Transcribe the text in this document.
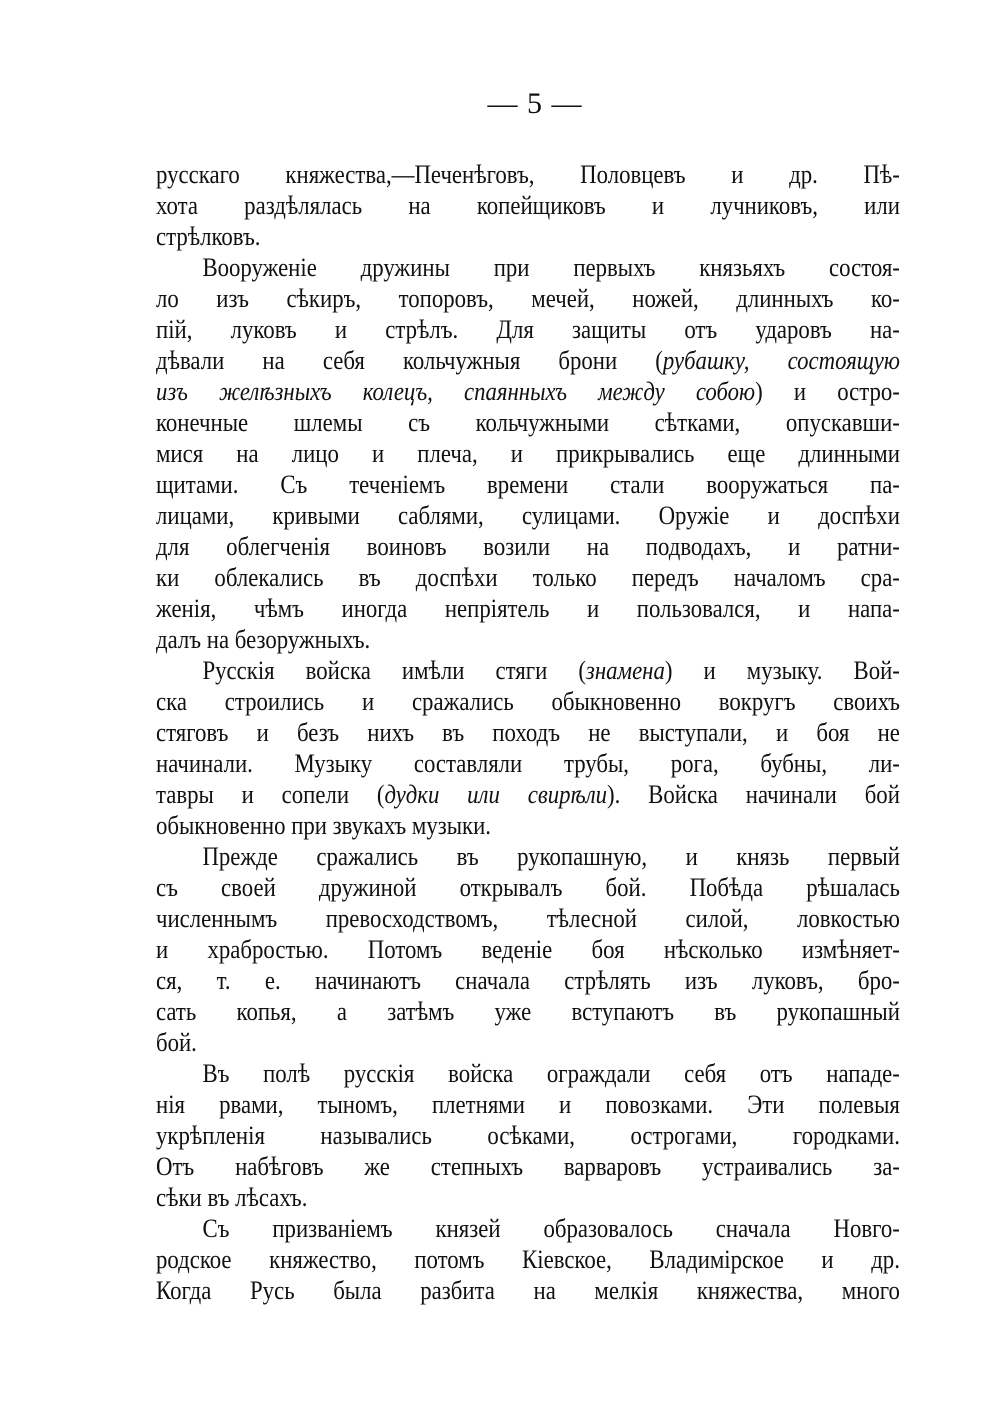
— 5 —
русскаго княжества,—Печенѣговъ, Половцевъ и др. Пѣ-
хота раздѣлялась на копейщиковъ и лучниковъ, или
стрѣлковъ.
Вооруженіе дружины при первыхъ князьяхъ состоя-
ло изъ сѣкиръ, топоровъ, мечей, ножей, длинныхъ ко-
пій, луковъ и стрѣлъ. Для защиты отъ ударовъ на-
дѣвали на себя кольчужныя брони (рубашку, состоящую
изъ желѣзныхъ колецъ, спаянныхъ между собою) и остро-
конечные шлемы съ кольчужными сѣтками, опускавши-
мися на лицо и плеча, и прикрывались еще длинными
щитами. Съ теченіемъ времени стали вооружаться па-
лицами, кривыми саблями, сулицами. Оружіе и доспѣхи
для облегченія воиновъ возили на подводахъ, и ратни-
ки облекались въ доспѣхи только передъ началомъ сра-
женія, чѣмъ иногда непріятель и пользовался, и напа-
далъ на безоружныхъ.
Русскія войска имѣли стяги (знамена) и музыку. Вой-
ска строились и сражались обыкновенно вокругъ своихъ
стяговъ и безъ нихъ въ походъ не выступали, и боя не
начинали. Музыку составляли трубы, рога, бубны, ли-
тавры и сопели (дудки или свирѣли). Войска начинали бой
обыкновенно при звукахъ музыки.
Прежде сражались въ рукопашную, и князь первый
съ своей дружиной открывалъ бой. Побѣда рѣшалась
численнымъ превосходствомъ, тѣлесной силой, ловкостью
и храбростью. Потомъ веденіе боя нѣсколько измѣняет-
ся, т. е. начинаютъ сначала стрѣлять изъ луковъ, бро-
сать копья, а затѣмъ уже вступаютъ въ рукопашный
бой.
Въ полѣ русскія войска ограждали себя отъ нападе-
нія рвами, тыномъ, плетнями и повозками. Эти полевыя
укрѣпленія назывались осѣками, острогами, городками.
Отъ набѣговъ же степныхъ варваровъ устраивались за-
сѣки въ лѣсахъ.
Съ призваніемъ князей образовалось сначала Новго-
родское княжество, потомъ Кіевское, Владимірское и др.
Когда Русь была разбита на мелкія княжества, много
